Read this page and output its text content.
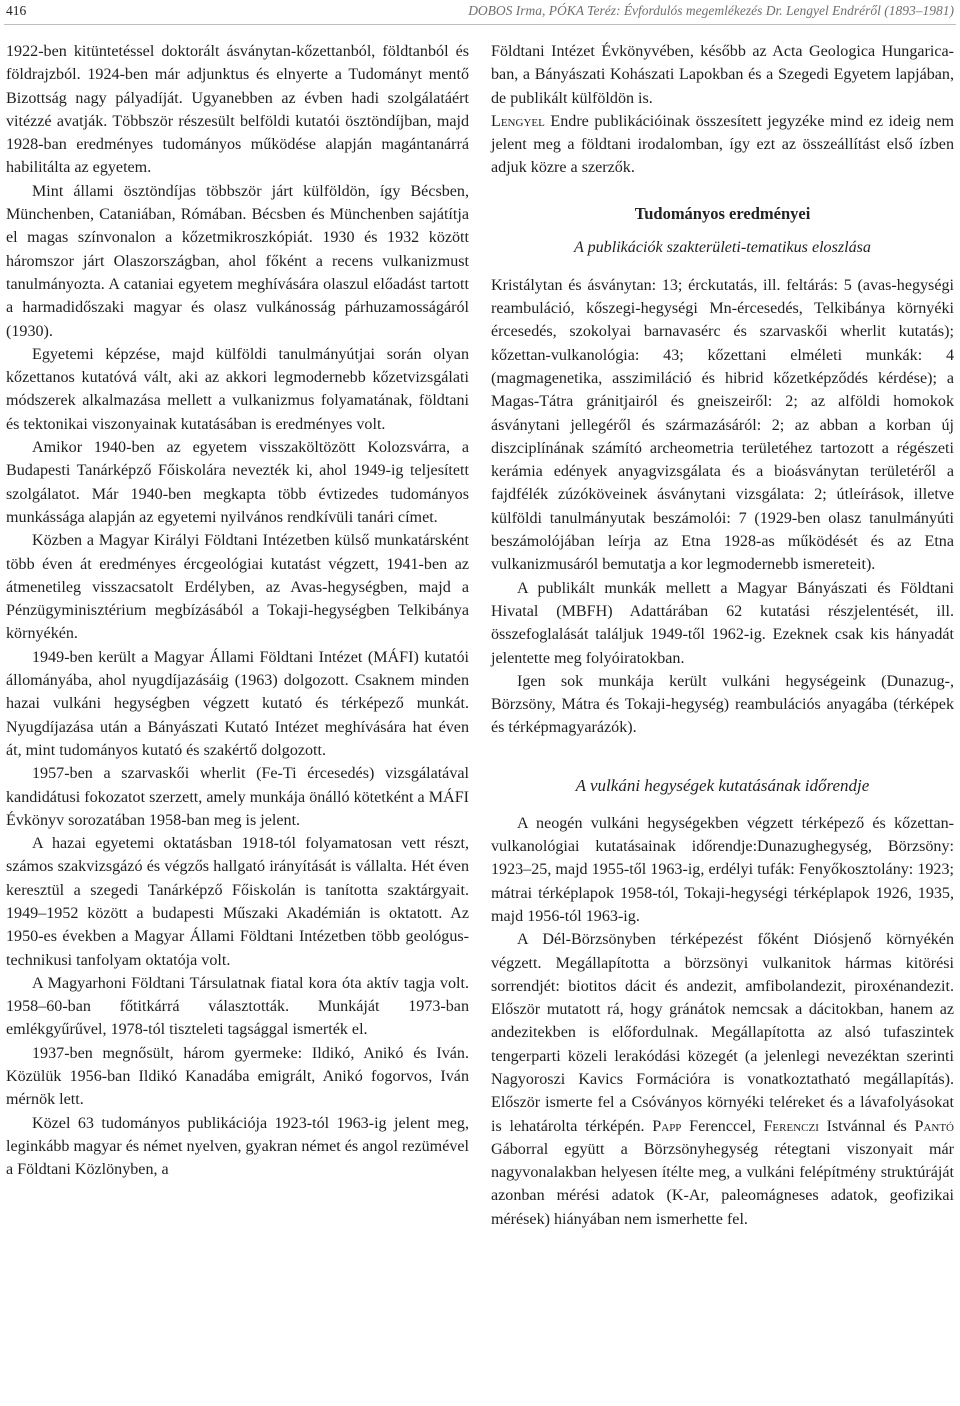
416	DOBOS Irma, PÓKA Teréz: Évfordulós megemlékezés Dr. Lengyel Endréről (1893–1981)

1922-ben kitüntetéssel doktorált ásványtan-kőzettanból, földtanból és földrajzból. 1924-ben már adjunktus és elnyerte a Tudományt mentő Bizottság nagy pályadíját. Ugyanebben az évben hadi szolgálatáért vitézzé avatják. Többször részesült belföldi kutatói ösztöndíjban, majd 1928-ban eredményes tudományos működése alapján magántanárrá habilitálta az egyetem.

Mint állami ösztöndíjas többször járt külföldön, így Bécsben, Münchenben, Cataniában, Rómában. Bécsben és Münchenben sajátítja el magas színvonalon a kőzetmikroszkópiát. 1930 és 1932 között háromszor járt Olaszországban, ahol főként a recens vulkanizmust tanulmányozta. A cataniai egyetem meghívására olaszul előadást tartott a harmadidőszaki magyar és olasz vulkánosság párhuzamosságáról (1930).

Egyetemi képzése, majd külföldi tanulmányútjai során olyan kőzettanos kutatóvá vált, aki az akkori legmodernebb kőzetvizsgálati módszerek alkalmazása mellett a vulkanizmus folyamatának, földtani és tektonikai viszonyainak kutatásában is eredményes volt.

Amikor 1940-ben az egyetem visszaköltözött Kolozsvárra, a Budapesti Tanárképző Főiskolára nevezték ki, ahol 1949-ig teljesített szolgálatot. Már 1940-ben megkapta több évtizedes tudományos munkássága alapján az egyetemi nyilvános rendkívüli tanári címet.

Közben a Magyar Királyi Földtani Intézetben külső munkatársként több éven át eredményes ércgeológiai kutatást végzett, 1941-ben az átmenetileg visszacsatolt Erdélyben, az Avas-hegységben, majd a Pénzügyminisztérium megbízásából a Tokaji-hegységben Telkibánya környékén.

1949-ben került a Magyar Állami Földtani Intézet (MÁFI) kutatói állományába, ahol nyugdíjazásáig (1963) dolgozott. Csaknem minden hazai vulkáni hegységben végzett kutató és térképező munkát. Nyugdíjazása után a Bányászati Kutató Intézet meghívására hat éven át, mint tudományos kutató és szakértő dolgozott.

1957-ben a szarvaskői wherlit (Fe-Ti ércesedés) vizsgálatával kandidátusi fokozatot szerzett, amely munkája önálló kötetként a MÁFI Évkönyv sorozatában 1958-ban meg is jelent.

A hazai egyetemi oktatásban 1918-tól folyamatosan vett részt, számos szakvizsgázó és végzős hallgató irányítását is vállalta. Hét éven keresztül a szegedi Tanárképző Főiskolán is tanította szaktárgyait. 1949–1952 között a budapesti Műszaki Akadémián is oktatott. Az 1950-es években a Magyar Állami Földtani Intézetben több geológus-technikusi tanfolyam oktatója volt.

A Magyarhoni Földtani Társulatnak fiatal kora óta aktív tagja volt. 1958–60-ban főtitkárrá választották. Munkáját 1973-ban emlékgyűrűvel, 1978-tól tiszteleti tagsággal ismerték el.

1937-ben megnősült, három gyermeke: Ildikó, Anikó és Iván. Közülük 1956-ban Ildikó Kanadába emigrált, Anikó fogorvos, Iván mérnök lett.

Közel 63 tudományos publikációja 1923-tól 1963-ig jelent meg, leginkább magyar és német nyelven, gyakran német és angol rezümével a Földtani Közlönyben, a

Földtani Intézet Évkönyvében, később az Acta Geologica Hungarica-ban, a Bányászati Kohászati Lapokban és a Szegedi Egyetem lapjában, de publikált külföldön is.

Lengyel Endre publikációinak összesített jegyzéke mind ez ideig nem jelent meg a földtani irodalomban, így ezt az összeállítást első ízben adjuk közre a szerzők.

Tudományos eredményei
A publikációk szakterületi-tematikus eloszlása

Kristálytan és ásványtan: 13; érckutatás, ill. feltárás: 5 (avas-hegységi reambuláció, kőszegi-hegységi Mn-ércesedés, Telkibánya környéki ércesedés, szokolyai barnavasérc és szarvaskői wherlit kutatás); kőzettan-vulkanológia: 43; kőzettani elméleti munkák: 4 (magmagenetika, asszimiláció és hibrid kőzetképződés kérdése); a Magas-Tátra gránitjairól és gneiszeiről: 2; az alföldi homokok ásványtani jellegéről és származásáról: 2; az abban a korban új diszciplínának számító archeometria területéhez tartozott a régészeti kerámia edények anyagvizsgálata és a bioásványtan területéről a fajdfélék zúzóköveinek ásványtani vizsgálata: 2; útleírások, illetve külföldi tanulmányutak beszámolói: 7 (1929-ben olasz tanulmányúti beszámolójában leírja az Etna 1928-as működését és az Etna vulkanizmusáról bemutatja a kor legmodernebb ismereteit).

A publikált munkák mellett a Magyar Bányászati és Földtani Hivatal (MBFH) Adattárában 62 kutatási részjelentését, ill. összefoglalását találjuk 1949-től 1962-ig. Ezeknek csak kis hányadát jelentette meg folyóiratokban.

Igen sok munkája került vulkáni hegységeink (Dunazug-, Börzsöny, Mátra és Tokaji-hegység) reambulációs anyagába (térképek és térképmagyarázók).

A vulkáni hegységek kutatásának időrendje

A neogén vulkáni hegységekben végzett térképező és kőzettan-vulkanológiai kutatásainak időrendje:Dunazughegység, Börzsöny: 1923–25, majd 1955-től 1963-ig, erdélyi tufák: Fenyőkosztolány: 1923; mátrai térképlapok 1958-tól, Tokaji-hegységi térképlapok 1926, 1935, majd 1956-tól 1963-ig.

A Dél-Börzsönyben térképezést főként Diósjenő környékén végzett. Megállapította a börzsönyi vulkanitok hármas kitörési sorrendjét: biotitos dácit és andezit, amfibolandezit, piroxénandezit. Először mutatott rá, hogy gránátok nemcsak a dácitokban, hanem az andezitekben is előfordulnak. Megállapította az alsó tufaszintek tengerparti közeli lerakódási közegét (a jelenlegi nevezéktan szerinti Nagyoroszi Kavics Formációra is vonatkoztatható megállapítás). Először ismerte fel a Csóványos környéki teléreket és a lávafolyásokat is lehatárolta térképén. Papp Ferenccel, Ferenczi Istvánnal és Pantó Gáborral együtt a Börzsönyhegység rétegtani viszonyait már nagyvonalakban helyesen ítélte meg, a vulkáni felépítmény struktúráját azonban mérési adatok (K-Ar, paleomágneses adatok, geofizikai mérések) hiányában nem ismerhette fel.
